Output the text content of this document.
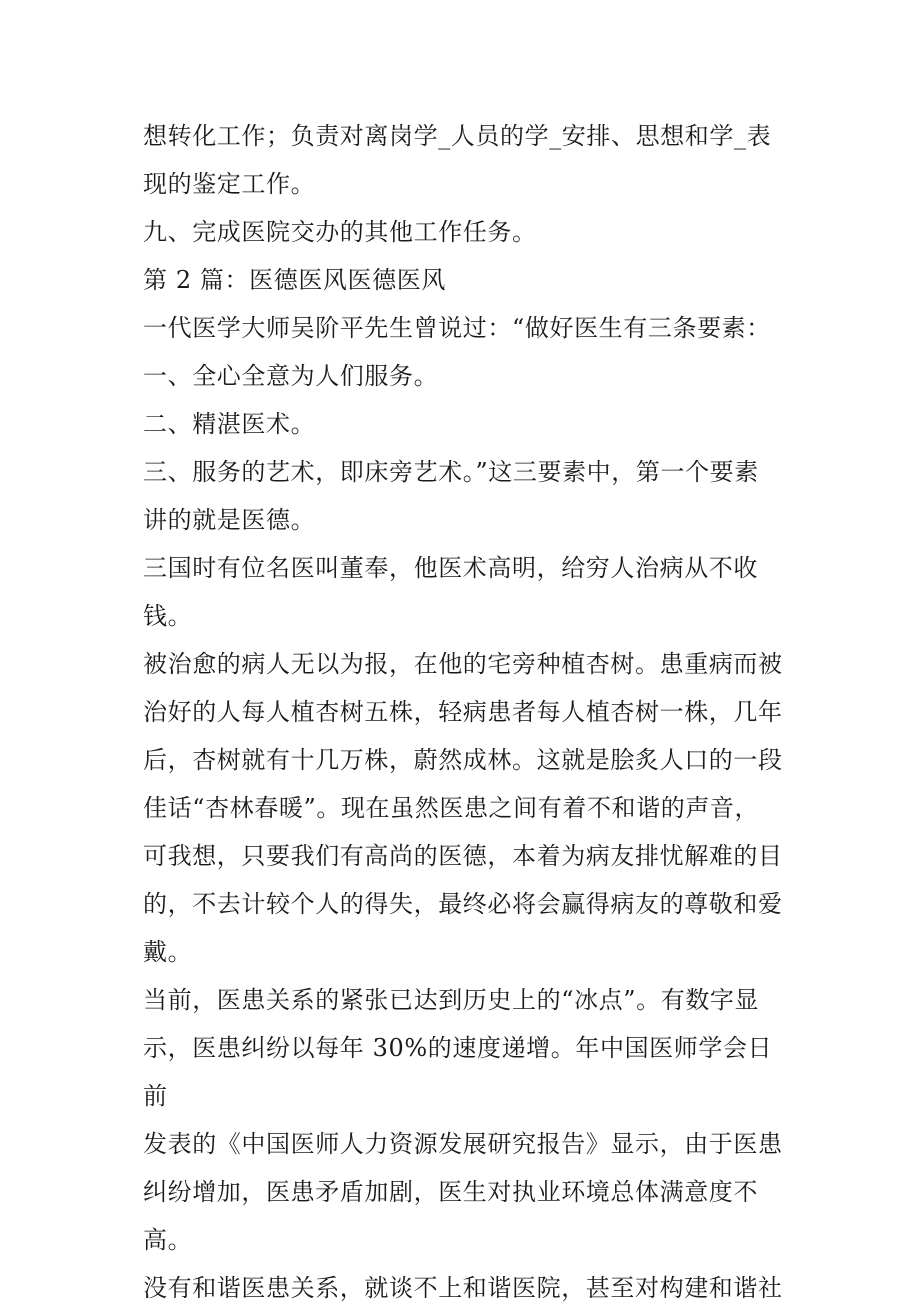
想转化工作；负责对离岗学_人员的学_安排、思想和学_表

现的鉴定工作。

九、完成医院交办的其他工作任务。

第 2 篇：医德医风医德医风

一代医学大师吴阶平先生曾说过：“做好医生有三条要素：

一、全心全意为人们服务。

二、精湛医术。

三、服务的艺术，即床旁艺术。”这三要素中，第一个要素

讲的就是医德。

三国时有位名医叫董奉，他医术高明，给穷人治病从不收钱。

被治愈的病人无以为报，在他的宅旁种植杏树。患重病而被

治好的人每人植杏树五株，轻病患者每人植杏树一株，几年

后，杏树就有十几万株，蔚然成林。这就是脍炙人口的一段

佳话“杏林春暖”。现在虽然医患之间有着不和谐的声音，

可我想，只要我们有高尚的医德，本着为病友排忧解难的目

的，不去计较个人的得失，最终必将会赢得病友的尊敬和爱

戴。

当前，医患关系的紧张已达到历史上的“冰点”。有数字显

示，医患纠纷以每年 30%的速度递增。年中国医师学会日前

发表的《中国医师人力资源发展研究报告》显示，由于医患

纠纷增加，医患矛盾加剧，医生对执业环境总体满意度不高。

没有和谐医患关系，就谈不上和谐医院，甚至对构建和谐社
